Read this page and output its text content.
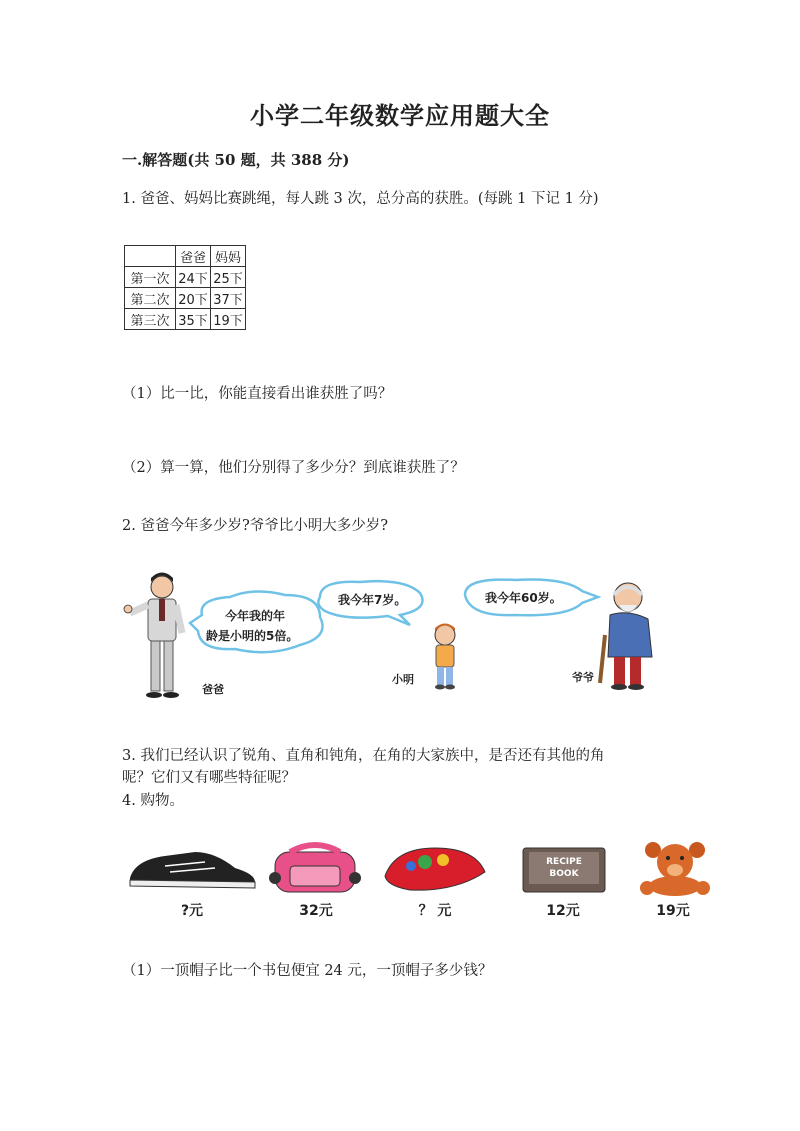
小学二年级数学应用题大全
一.解答题(共 50 题，共 388 分)
1. 爸爸、妈妈比赛跳绳，每人跳 3 次，总分高的获胜。(每跳 1 下记 1 分)
	爸爸	妈妈
第一次	24下	25下
第二次	20下	37下
第三次	35下	19下
（1）比一比，你能直接看出谁获胜了吗？
（2）算一算，他们分别得了多少分？到底谁获胜了？
2. 爸爸今年多少岁?爷爷比小明大多少岁?
今年我的年
龄是小明的5倍。
我今年7岁。	我今年60岁。
爸爸
小明	爷爷
3. 我们已经认识了锐角、直角和钝角，在角的大家族中，是否还有其他的角
呢？它们又有哪些特征呢？
4. 购物。
RECIPE
BOOK
?元	32元	？ 元	12元	19元
（1）一顶帽子比一个书包便宜 24 元，一顶帽子多少钱？
